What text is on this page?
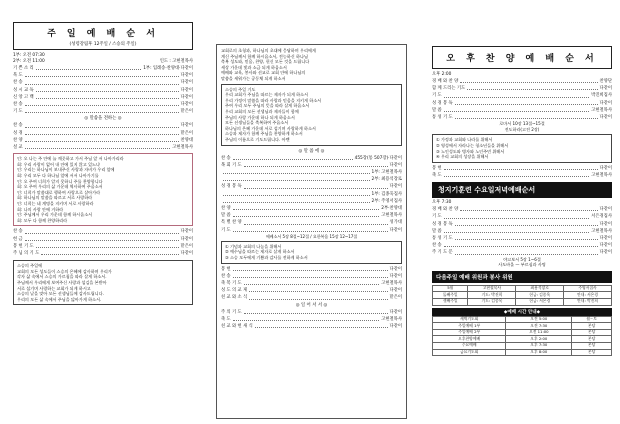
주 일 예 배 순 서
(성령강림후 12주일 / 스승의 주일)
1부: 오전 07:30
2부: 오전 11:00	인도 : 고현철목사
기 쁜 소 리	1부: 입례송·찬양대·다같이
묵 도	다같이
찬 송	다같이
성 시 교 독	다같이
신 앙 고 백	다같이
찬 송	다같이
기 도	맡은이
◎ 말씀을 전하는 ◎
찬 송	다같이
성 경	맡은이
찬 양	찬양대
설 교	고현철목사
인: 오 나는 주 안에 늘 깨끗하고 가서 주님 앞 서 나아가리라
회: 우리 사랑이 없어 내 안에 있지 않고 있느냐
인: 우리는 하나님이 보내주신 사랑과 자비가 우리 앞에
회: 우리 모두 다 하나님 앞에 서서 나아가기를
인: 오 주여 너희가 알지 못하니 주를 찬양합니다
회: 오 주여 우리의 삶 가운데 역사하여 주옵소서
인: 너희가 말씀대로 행하여 사랑으로 살아가라
회: 하나님의 말씀을 따르고 서로 사랑하라
인: 너희는 네 계명을 지키며 서로 사랑하라
회: 나의 사랑 안에 거하라
인: 주님께서 우리 가운데 함께 하시옵소서
회: 모두 다 함께 찬양하리라
찬 송	다같이
헌 금	다같이
봉 헌 기 도	맡은이
주 님 의 기 도	다같이
스승의 주일에
교회의 모든 성도들이 스승의 은혜에 감사하며 우리가
각자 삶 속에서 스승의 가르침을 따라 살게 하소서.
주님께서 우리에게 보여주신 사랑과 섬김을 본받아
서로 섬기며 사랑하는 교회가 되게 하시고
스승의 날을 맞아 모든 선생님들께 감사드립니다.
우리의 모든 삶 속에서 주님을 닮아가게 하소서.
교회로의 초청과, 하나님의 초대에 응답하며 우리에게
계신 주님께서 함께 하시옵소서, 전능하신 하나님
축복 성도와, 믿음, 찬양, 헌신 모든 것을 드립니다
세상 가운데 빛과 소금 되게 하옵소서
예배와 교육, 봉사와 선교로 교회 안에 하나님의
말씀을 세워가는 공동체 되게 하소서
스승의 주일 기도
우리 교회가 주님을 따르는 제자가 되게 하소서
우리 가정이 말씀을 따라 사랑과 믿음을 지키게 하소서
주여 우리 모두 주님의 뜻을 따라 살게 하옵소서
우리 교회의 모든 선생님과 제자들이 함께
주님의 사랑 가운데 하나 되게 하옵소서
모든 선생님들을 축복하여 주옵소서
하나님의 은혜 가운데 서로 섬기며 사랑하게 하소서
스승과 제자가 함께 주님을 찬양하게 하소서
주님의 이름으로 기도드립니다. 아멘
◎ 말 씀 에 ◎
찬 송	455장(통 507장)·다같이
목 회 기 도	다같이
1부: 고현철목사
2부: 최용석장로
성 경 봉 독	다같이
1부: 김종욱집사
2부: 주영서집사
찬 양	2부·찬양대
말 씀	고현철목사
특 별 찬 양	성가대
기 도	다같이
에베소서 5장 8절~12절 / 요한복음 15장 12~17절
① 기념과 교회의 나눔을 위해서
② 예수님을 따르는 제자로 살게 하소서
③ 스승 모두에게 기쁨과 감사를 전하게 하소서
봉 헌	다같이
찬 송	다같이
축 복 기 도	고현철목사
성 도 의 교 제	다같이
친 교 와 소 식	맡은이
◎ 일 어 서 서 ◎
주 의 기 도	다같이
축 도	고현철목사
친 교 와 헌 새 식	다같이
오 후 찬 양 예 배 순 서
오후 2:00
경 배 와 찬 양	찬양단
함 께 드리는 기도	다같이
기 도	박진희집사
성 경 봉 독	다같이
말 씀	고현철목사
통 성 기 도	다같이
로마서 10장 13절~15절
전도하라(고전 2장)
① 가정과 교회와 나라를 위해서
② 영성에서 자라나는 청소년들을 위해서
③ 노인성도와 병자와 노인주민 위해서
④ 우리 교회의 성장을 위해서
봉 헌	다같이
축 도	고현철목사
청지기훈련 수요일저녁예배순서
오후 7:30
경 배 와 찬 양	다같이
기 도	서은경집사
성 경 봉 독	다같이
말 씀	고현철목사
통 성 기 도	다같이
찬 송	다같이
주 기 도 문	다같이
야고보서 5장 1~6절
사도바울 — 부르심과 사명
다음주일 예배 위원과 봉사 위원
5월	고현철목사	최용석장로	주영서집사
둘째주일	기도: 박진희	헌금: 김종욱	안내: 서은경
셋째주일	기도: 김종욱	헌금: 서은경	안내: 박진희
◆예배 시간 안내◆
새벽기도회	오전 5:00	월~토
주일예배 1부	오전 7:30	본당
주일예배 2부	오전 11:00	본당
오후찬양예배	오후 2:00	본당
수요예배	오후 7:30	본당
금요기도회	오후 8:00	본당
